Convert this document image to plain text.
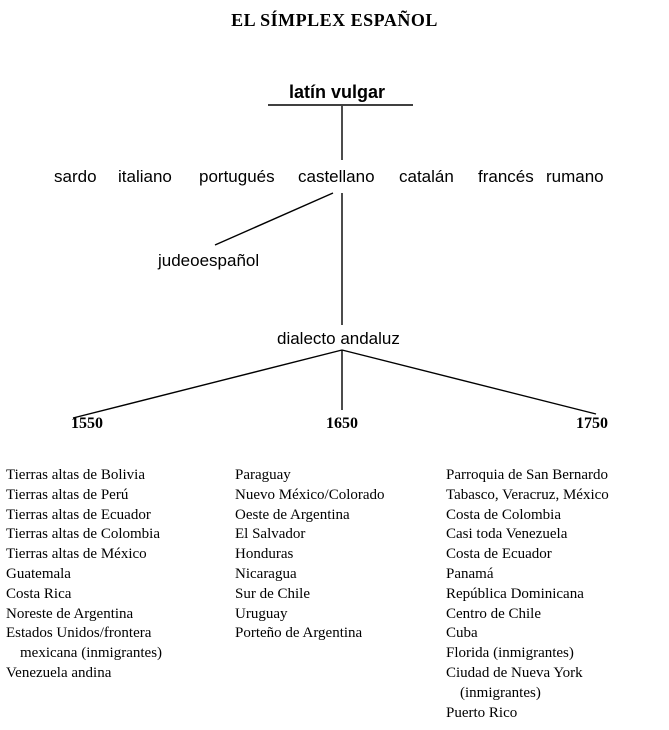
EL SÍMPLEX ESPAÑOL
latín vulgar
sardo italiano portugués castellano catalán francés rumano
judeoespañol
dialecto andaluz
1550	1650	1750
Tierras altas de Bolivia
Tierras altas de Perú
Tierras altas de Ecuador
Tierras altas de Colombia
Tierras altas de México
Guatemala
Costa Rica
Noreste de Argentina
Estados Unidos/frontera
mexicana (inmigrantes)
Venezuela andina
Paraguay
Nuevo México/Colorado
Oeste de Argentina
El Salvador
Honduras
Nicaragua
Sur de Chile
Uruguay
Porteño de Argentina
Parroquia de San Bernardo
Tabasco, Veracruz, México
Costa de Colombia
Casi toda Venezuela
Costa de Ecuador
Panamá
República Dominicana
Centro de Chile
Cuba
Florida (inmigrantes)
Ciudad de Nueva York
(inmigrantes)
Puerto Rico
